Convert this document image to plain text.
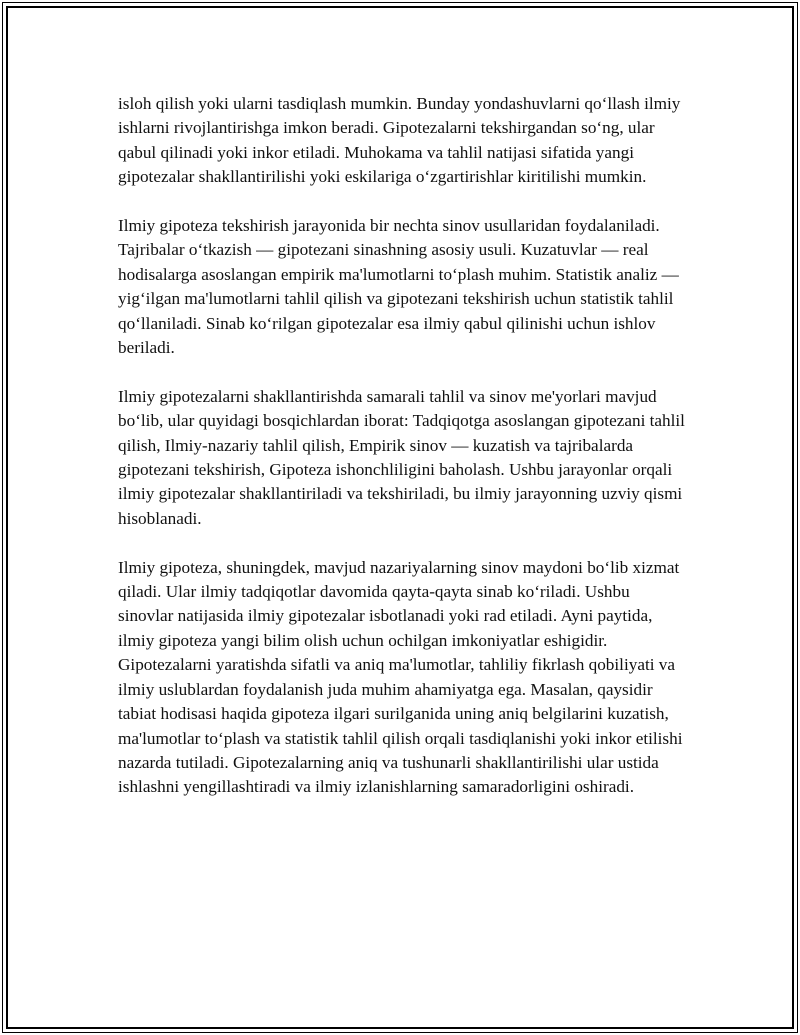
isloh qilish yoki ularni tasdiqlash mumkin. Bunday yondashuvlarni qoʻllash ilmiy ishlarni rivojlantirishga imkon beradi. Gipotezalarni tekshirgandan soʻng, ular qabul qilinadi yoki inkor etiladi. Muhokama va tahlil natijasi sifatida yangi gipotezalar shakllantirilishi yoki eskilariga oʻzgartirishlar kiritilishi mumkin.

Ilmiy gipoteza tekshirish jarayonida bir nechta sinov usullaridan foydalaniladi. Tajribalar oʻtkazish — gipotezani sinashning asosiy usuli. Kuzatuvlar — real hodisalarga asoslangan empirik ma'lumotlarni toʻplash muhim. Statistik analiz — yigʻilgan ma'lumotlarni tahlil qilish va gipotezani tekshirish uchun statistik tahlil qoʻllaniladi. Sinab koʻrilgan gipotezalar esa ilmiy qabul qilinishi uchun ishlov beriladi.

Ilmiy gipotezalarni shakllantirishda samarali tahlil va sinov me'yorlari mavjud boʻlib, ular quyidagi bosqichlardan iborat: Tadqiqotga asoslangan gipotezani tahlil qilish, Ilmiy-nazariy tahlil qilish, Empirik sinov — kuzatish va tajribalarda gipotezani tekshirish, Gipoteza ishonchliligini baholash. Ushbu jarayonlar orqali ilmiy gipotezalar shakllantiriladi va tekshiriladi, bu ilmiy jarayonning uzviy qismi hisoblanadi.

Ilmiy gipoteza, shuningdek, mavjud nazariyalarning sinov maydoni boʻlib xizmat qiladi. Ular ilmiy tadqiqotlar davomida qayta-qayta sinab koʻriladi. Ushbu sinovlar natijasida ilmiy gipotezalar isbotlanadi yoki rad etiladi. Ayni paytida, ilmiy gipoteza yangi bilim olish uchun ochilgan imkoniyatlar eshigidir. Gipotezalarni yaratishda sifatli va aniq ma'lumotlar, tahliliy fikrlash qobiliyati va ilmiy uslublardan foydalanish juda muhim ahamiyatga ega. Masalan, qaysidir tabiat hodisasi haqida gipoteza ilgari surilganida uning aniq belgilarini kuzatish, ma'lumotlar toʻplash va statistik tahlil qilish orqali tasdiqlanishi yoki inkor etilishi nazarda tutiladi. Gipotezalarning aniq va tushunarli shakllantirilishi ular ustida ishlashni yengillashtiradi va ilmiy izlanishlarning samaradorligini oshiradi.
